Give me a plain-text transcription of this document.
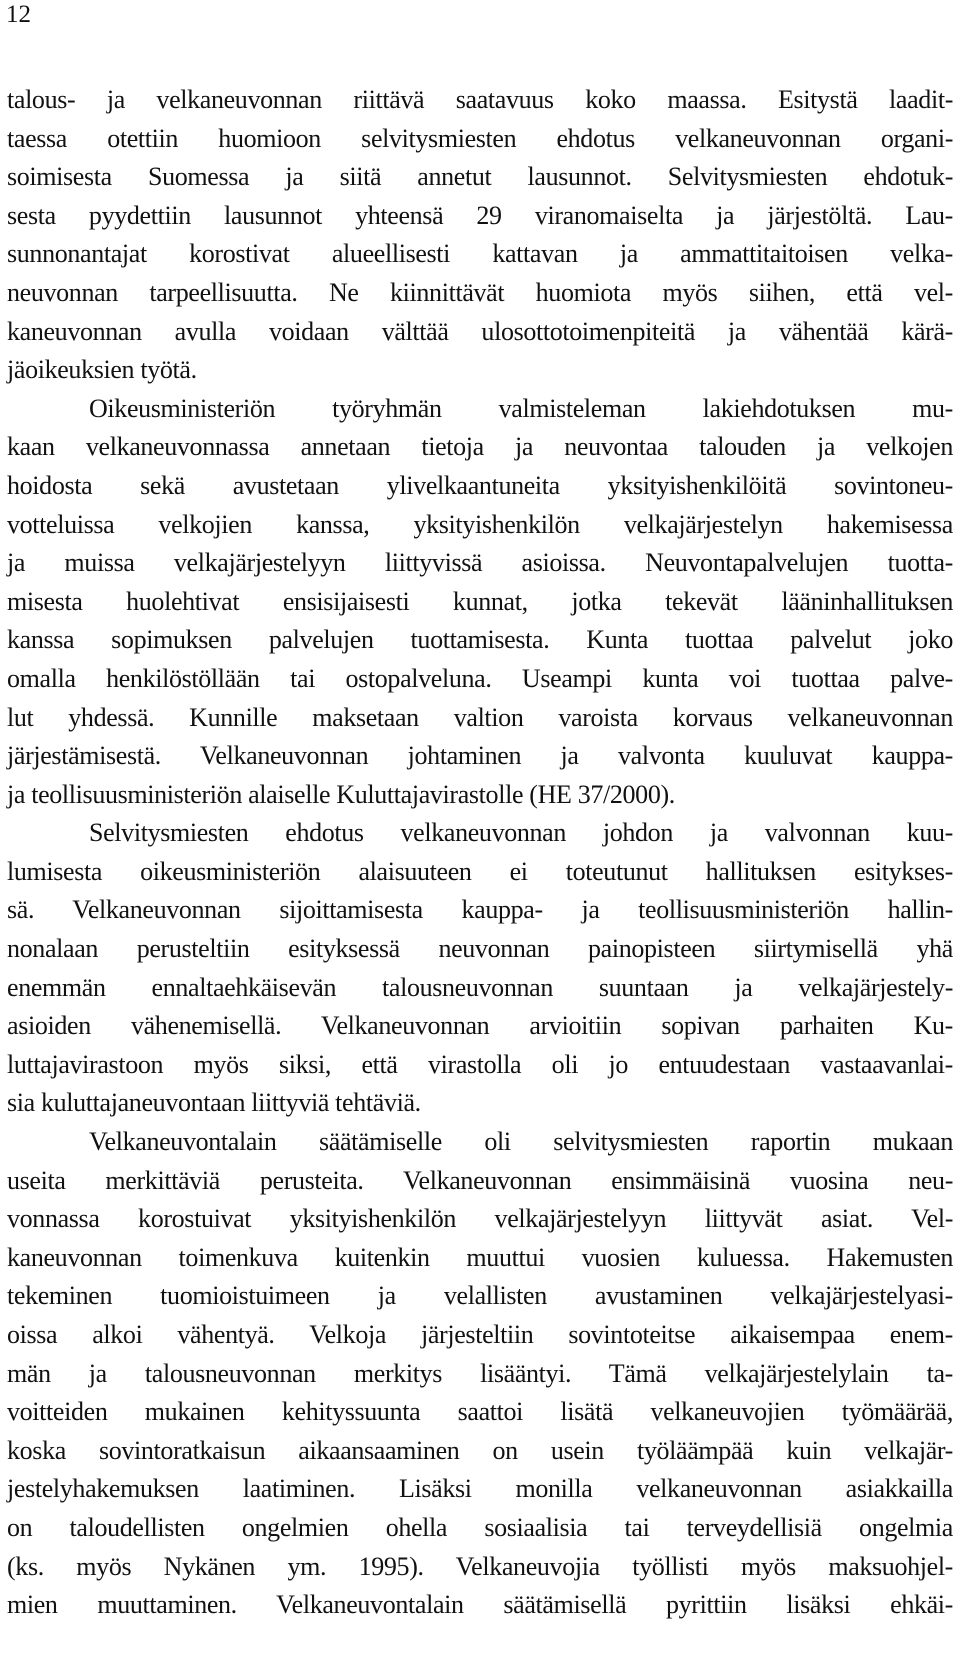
12
talous- ja velkaneuvonnan riittävä saatavuus koko maassa. Esitystä laadit-
taessa otettiin huomioon selvitysmiesten ehdotus velkaneuvonnan organi-
soimisesta Suomessa ja siitä annetut lausunnot. Selvitysmiesten ehdotuk-
sesta pyydettiin lausunnot yhteensä 29 viranomaiselta ja järjestöltä. Lau-
sunnonantajat korostivat alueellisesti kattavan ja ammattitaitoisen velka-
neuvonnan tarpeellisuutta. Ne kiinnittävät huomiota myös siihen, että vel-
kaneuvonnan avulla voidaan välttää ulosottotoimenpiteitä ja vähentää kärä-
jäoikeuksien työtä.
Oikeusministeriön työryhmän valmisteleman lakiehdotuksen mu-
kaan velkaneuvonnassa annetaan tietoja ja neuvontaa talouden ja velkojen
hoidosta sekä avustetaan ylivelkaantuneita yksityishenkilöitä sovintoneu-
votteluissa velkojien kanssa, yksityishenkilön velkajärjestelyn hakemisessa
ja muissa velkajärjestelyyn liittyvissä asioissa. Neuvontapalvelujen tuotta-
misesta huolehtivat ensisijaisesti kunnat, jotka tekevät lääninhallituksen
kanssa sopimuksen palvelujen tuottamisesta. Kunta tuottaa palvelut joko
omalla henkilöstöllään tai ostopalveluna. Useampi kunta voi tuottaa palve-
lut yhdessä. Kunnille maksetaan valtion varoista korvaus velkaneuvonnan
järjestämisestä. Velkaneuvonnan johtaminen ja valvonta kuuluvat kauppa-
ja teollisuusministeriön alaiselle Kuluttajavirastolle (HE 37/2000).
Selvitysmiesten ehdotus velkaneuvonnan johdon ja valvonnan kuu-
lumisesta oikeusministeriön alaisuuteen ei toteutunut hallituksen esitykses-
sä. Velkaneuvonnan sijoittamisesta kauppa- ja teollisuusministeriön hallin-
nonalaan perusteltiin esityksessä neuvonnan painopisteen siirtymisellä yhä
enemmän ennaltaehkäisevän talousneuvonnan suuntaan ja velkajärjestely-
asioiden vähenemisellä. Velkaneuvonnan arvioitiin sopivan parhaiten Ku-
luttajavirastoon myös siksi, että virastolla oli jo entuudestaan vastaavanlai-
sia kuluttajaneuvontaan liittyviä tehtäviä.
Velkaneuvontalain säätämiselle oli selvitysmiesten raportin mukaan
useita merkittäviä perusteita. Velkaneuvonnan ensimmäisinä vuosina neu-
vonnassa korostuivat yksityishenkilön velkajärjestelyyn liittyvät asiat. Vel-
kaneuvonnan toimenkuva kuitenkin muuttui vuosien kuluessa. Hakemusten
tekeminen tuomioistuimeen ja velallisten avustaminen velkajärjestelyasi-
oissa alkoi vähentyä. Velkoja järjesteltiin sovintoteitse aikaisempaa enem-
män ja talousneuvonnan merkitys lisääntyi. Tämä velkajärjestelylain ta-
voitteiden mukainen kehityssuunta saattoi lisätä velkaneuvojien työmäärää,
koska sovintoratkaisun aikaansaaminen on usein työläämpää kuin velkajär-
jestelyhakemuksen laatiminen. Lisäksi monilla velkaneuvonnan asiakkailla
on taloudellisten ongelmien ohella sosiaalisia tai terveydellisiä ongelmia
(ks. myös Nykänen ym. 1995). Velkaneuvojia työllisti myös maksuohjel-
mien muuttaminen. Velkaneuvontalain säätämisellä pyrittiin lisäksi ehkäi-
